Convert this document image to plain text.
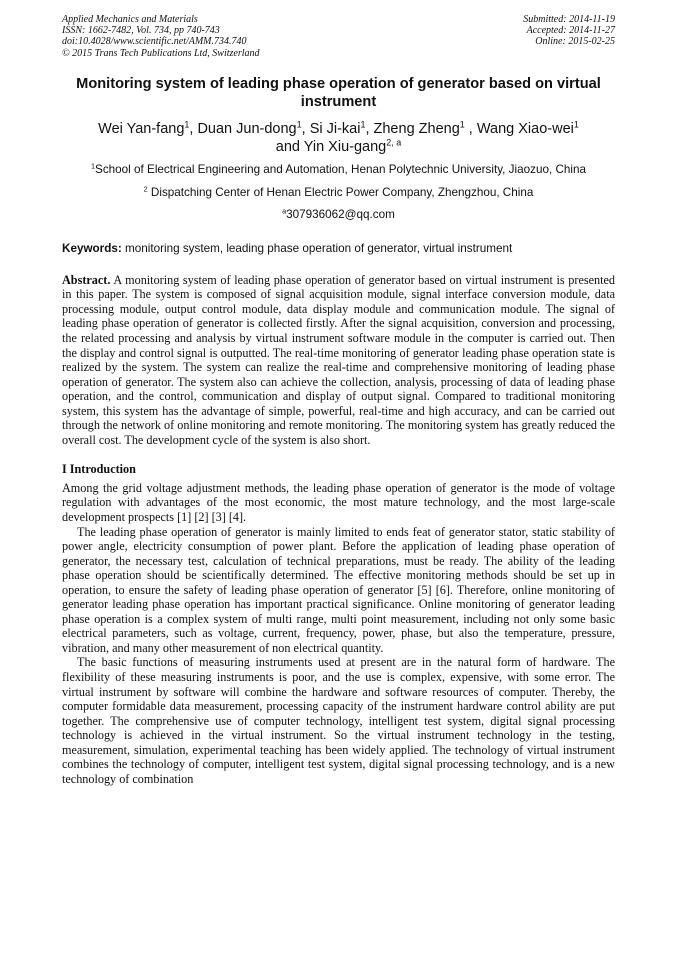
Applied Mechanics and Materials
ISSN: 1662-7482, Vol. 734, pp 740-743
doi:10.4028/www.scientific.net/AMM.734.740
© 2015 Trans Tech Publications Ltd, Switzerland
Submitted: 2014-11-19
Accepted: 2014-11-27
Online: 2015-02-25
Monitoring system of leading phase operation of generator based on virtual instrument
Wei Yan-fang$^1$, Duan Jun-dong$^1$, Si Ji-kai$^1$, Zheng Zheng$^1$ , Wang Xiao-wei$^1$
and Yin Xiu-gang$^{2, a}$
$^1$School of Electrical Engineering and Automation, Henan Polytechnic University, Jiaozuo, China
$^2$ Dispatching Center of Henan Electric Power Company, Zhengzhou, China
$^a$307936062@qq.com
Keywords: monitoring system, leading phase operation of generator, virtual instrument

Abstract. A monitoring system of leading phase operation of generator based on virtual instrument is presented in this paper. The system is composed of signal acquisition module, signal interface conversion module, data processing module, output control module, data display module and communication module. The signal of leading phase operation of generator is collected firstly. After the signal acquisition, conversion and processing, the related processing and analysis by virtual instrument software module in the computer is carried out. Then the display and control signal is outputted. The real-time monitoring of generator leading phase operation state is realized by the system. The system can realize the real-time and comprehensive monitoring of leading phase operation of generator. The system also can achieve the collection, analysis, processing of data of leading phase operation, and the control, communication and display of output signal. Compared to traditional monitoring system, this system has the advantage of simple, powerful, real-time and high accuracy, and can be carried out through the network of online monitoring and remote monitoring. The monitoring system has greatly reduced the overall cost. The development cycle of the system is also short.

I Introduction

Among the grid voltage adjustment methods, the leading phase operation of generator is the mode of voltage regulation with advantages of the most economic, the most mature technology, and the most large-scale development prospects [1] [2] [3] [4].

The leading phase operation of generator is mainly limited to ends feat of generator stator, static stability of power angle, electricity consumption of power plant. Before the application of leading phase operation of generator, the necessary test, calculation of technical preparations, must be ready. The ability of the leading phase operation should be scientifically determined. The effective monitoring methods should be set up in operation, to ensure the safety of leading phase operation of generator [5] [6]. Therefore, online monitoring of generator leading phase operation has important practical significance. Online monitoring of generator leading phase operation is a complex system of multi range, multi point measurement, including not only some basic electrical parameters, such as voltage, current, frequency, power, phase, but also the temperature, pressure, vibration, and many other measurement of non electrical quantity.

The basic functions of measuring instruments used at present are in the natural form of hardware. The flexibility of these measuring instruments is poor, and the use is complex, expensive, with some error. The virtual instrument by software will combine the hardware and software resources of computer. Thereby, the computer formidable data measurement, processing capacity of the instrument hardware control ability are put together. The comprehensive use of computer technology, intelligent test system, digital signal processing technology is achieved in the virtual instrument. So the virtual instrument technology in the testing, measurement, simulation, experimental teaching has been widely applied. The technology of virtual instrument combines the technology of computer, intelligent test system, digital signal processing technology, and is a new technology of combination
